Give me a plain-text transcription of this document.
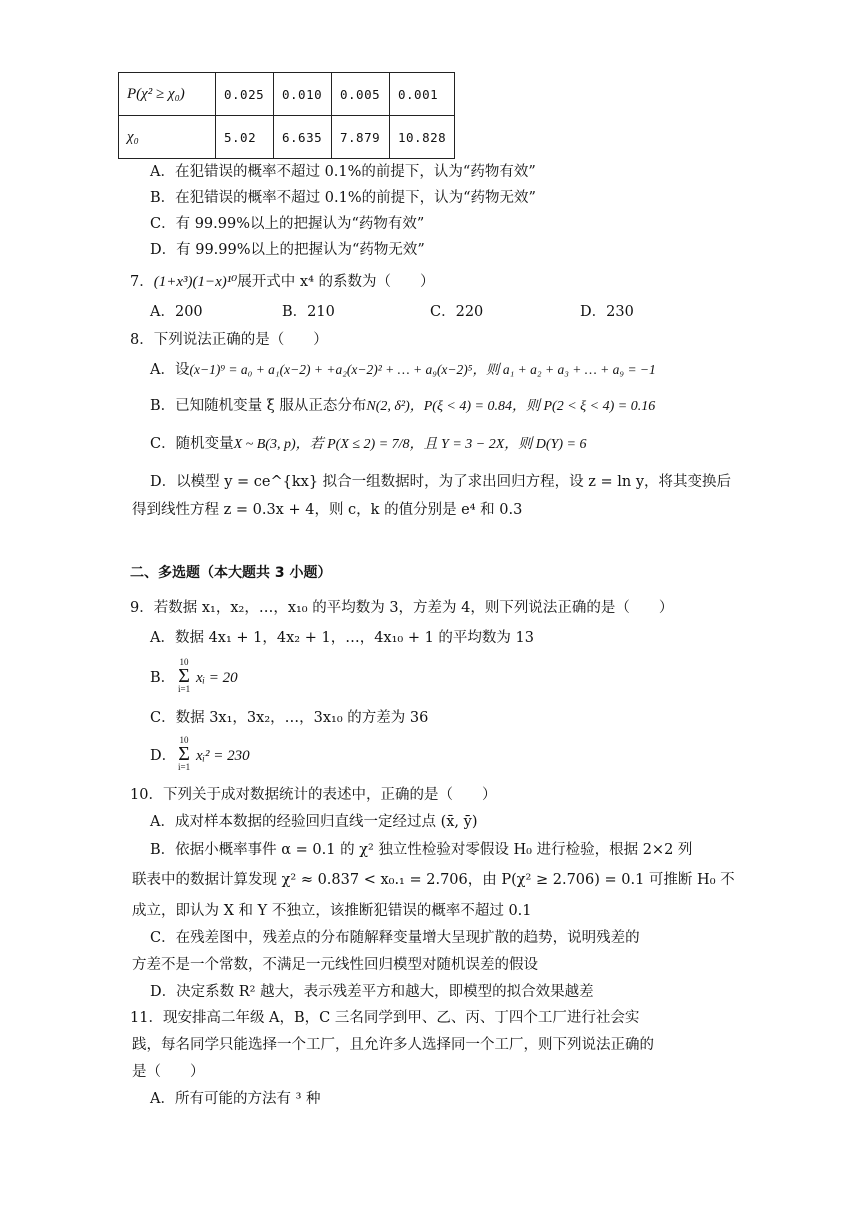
P(χ² ≥ χ₀)	0.025	0.010	0.005	0.001
χ₀	5.02	6.635	7.879	10.828
A．在犯错误的概率不超过 0.1%的前提下，认为“药物有效”
B．在犯错误的概率不超过 0.1%的前提下，认为“药物无效”
C．有 99.99%以上的把握认为“药物有效”
D．有 99.99%以上的把握认为“药物无效”
7．(1+x³)(1−x)¹⁰展开式中 x⁴ 的系数为（　　）
A．200	B．210	C．220	D．230
8．下列说法正确的是（　　）
A．设(x−1)⁹ = a₀ + a₁(x−2) + +a₂(x−2)² + … + a₉(x−2)⁵，则 a₁ + a₂ + a₃ + … + a₉ = −1
B．已知随机变量 ξ 服从正态分布N(2, δ²)，P(ξ < 4) = 0.84，则 P(2 < ξ < 4) = 0.16
C．随机变量X ~ B(3, p)，若 P(X ≤ 2) = 7/8，且 Y = 3 − 2X，则 D(Y) = 6
D．以模型 y = ce^{kx} 拟合一组数据时，为了求出回归方程，设 z = ln y，将其变换后
得到线性方程 z = 0.3x + 4，则 c，k 的值分别是 e⁴ 和 0.3
二、多选题（本大题共 3 小题）
9．若数据 x₁，x₂，…，x₁₀ 的平均数为 3，方差为 4，则下列说法正确的是（　　）
A．数据 4x₁ + 1，4x₂ + 1，…，4x₁₀ + 1 的平均数为 13
B．
10
Σ
i=1
xᵢ = 20
C．数据 3x₁，3x₂，…，3x₁₀ 的方差为 36
D．
10
Σ
i=1
xᵢ² = 230
10．下列关于成对数据统计的表述中，正确的是（　　）
A．成对样本数据的经验回归直线一定经过点 (x̄, ȳ)
B．依据小概率事件 α = 0.1 的 χ² 独立性检验对零假设 H₀ 进行检验，根据 2×2 列
联表中的数据计算发现 χ² ≈ 0.837 < x₀.₁ = 2.706，由 P(χ² ≥ 2.706) = 0.1 可推断 H₀ 不
成立，即认为 X 和 Y 不独立，该推断犯错误的概率不超过 0.1
C．在残差图中，残差点的分布随解释变量增大呈现扩散的趋势，说明残差的
方差不是一个常数，不满足一元线性回归模型对随机误差的假设
D．决定系数 R² 越大，表示残差平方和越大，即模型的拟合效果越差
11．现安排高二年级 A，B，C 三名同学到甲、乙、丙、丁四个工厂进行社会实
践，每名同学只能选择一个工厂，且允许多人选择同一个工厂，则下列说法正确的
是（　　）
A．所有可能的方法有 ³ 种
